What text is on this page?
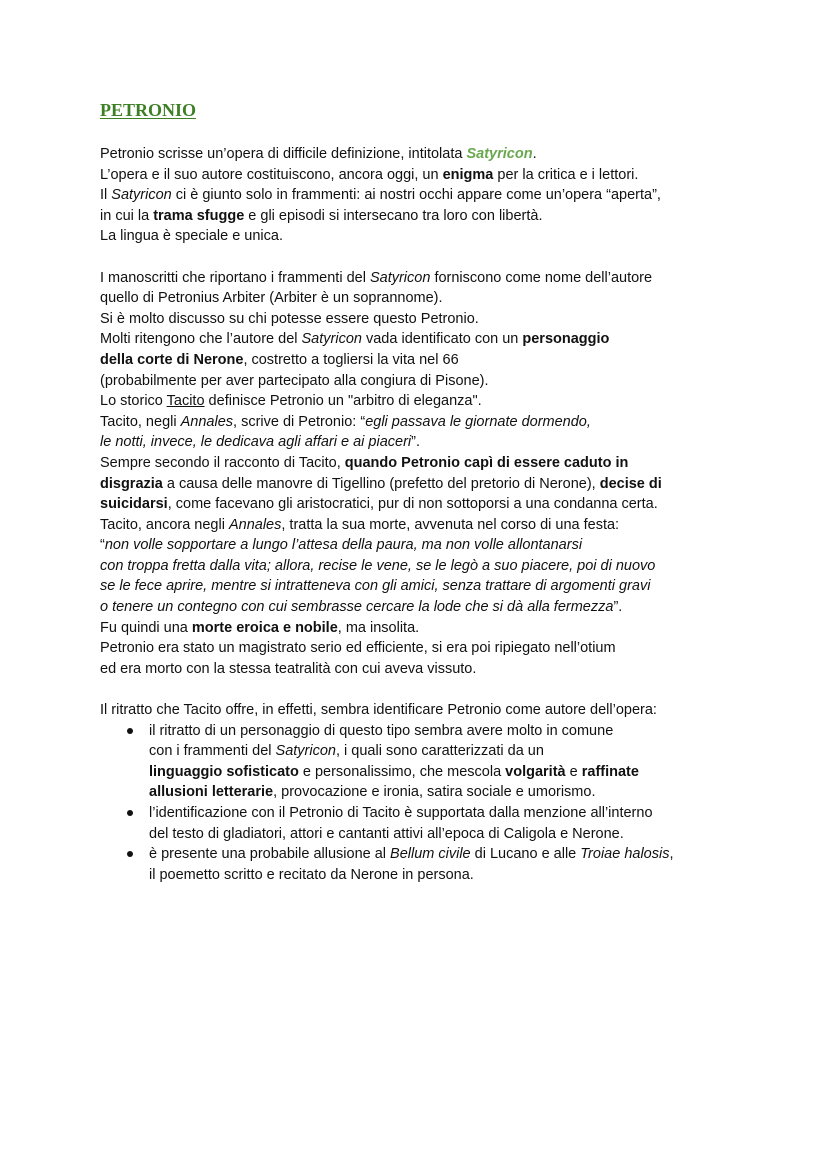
PETRONIO
Petronio scrisse un’opera di difficile definizione, intitolata Satyricon.
L’opera e il suo autore costituiscono, ancora oggi, un enigma per la critica e i lettori.
Il Satyricon ci è giunto solo in frammenti: ai nostri occhi appare come un’opera “aperta”,
in cui la trama sfugge e gli episodi si intersecano tra loro con libertà.
La lingua è speciale e unica.
I manoscritti che riportano i frammenti del Satyricon forniscono come nome dell’autore
quello di Petronius Arbiter (Arbiter è un soprannome).
Si è molto discusso su chi potesse essere questo Petronio.
Molti ritengono che l’autore del Satyricon vada identificato con un personaggio
della corte di Nerone, costretto a togliersi la vita nel 66
(probabilmente per aver partecipato alla congiura di Pisone).
Lo storico Tacito definisce Petronio un "arbitro di eleganza".
Tacito, negli Annales, scrive di Petronio: “egli passava le giornate dormendo,
le notti, invece, le dedicava agli affari e ai piaceri”.
Sempre secondo il racconto di Tacito, quando Petronio capì di essere caduto in
disgrazia a causa delle manovre di Tigellino (prefetto del pretorio di Nerone), decise di
suicidarsi, come facevano gli aristocratici, pur di non sottoporsi a una condanna certa.
Tacito, ancora negli Annales, tratta la sua morte, avvenuta nel corso di una festa:
“non volle sopportare a lungo l’attesa della paura, ma non volle allontanarsi
con troppa fretta dalla vita; allora, recise le vene, se le legò a suo piacere, poi di nuovo
se le fece aprire, mentre si intratteneva con gli amici, senza trattare di argomenti gravi
o tenere un contegno con cui sembrasse cercare la lode che si dà alla fermezza”.
Fu quindi una morte eroica e nobile, ma insolita.
Petronio era stato un magistrato serio ed efficiente, si era poi ripiegato nell’otium
ed era morto con la stessa teatralità con cui aveva vissuto.
Il ritratto che Tacito offre, in effetti, sembra identificare Petronio come autore dell’opera:
il ritratto di un personaggio di questo tipo sembra avere molto in comune
con i frammenti del Satyricon, i quali sono caratterizzati da un
linguaggio sofisticato e personalissimo, che mescola volgarità e raffinate
allusioni letterarie, provocazione e ironia, satira sociale e umorismo.
l’identificazione con il Petronio di Tacito è supportata dalla menzione all’interno
del testo di gladiatori, attori e cantanti attivi all’epoca di Caligola e Nerone.
è presente una probabile allusione al Bellum civile di Lucano e alle Troiae halosis,
il poemetto scritto e recitato da Nerone in persona.
